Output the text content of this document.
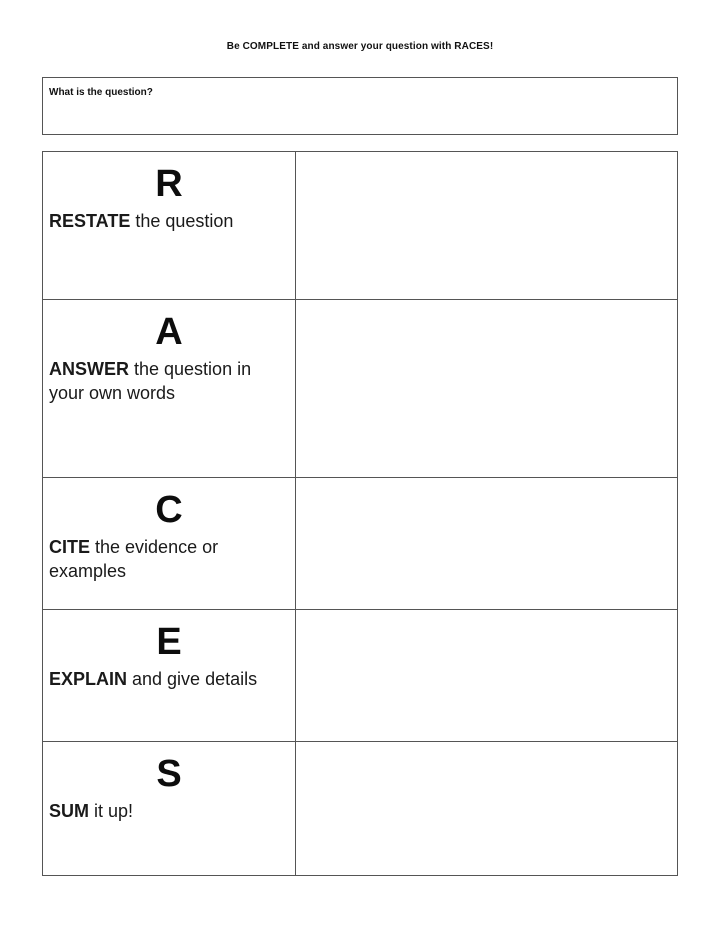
Be COMPLETE and answer your question with RACES!
What is the question?
R
RESTATE the question
A
ANSWER the question in your own words
C
CITE the evidence or examples
E
EXPLAIN and give details
S
SUM it up!
